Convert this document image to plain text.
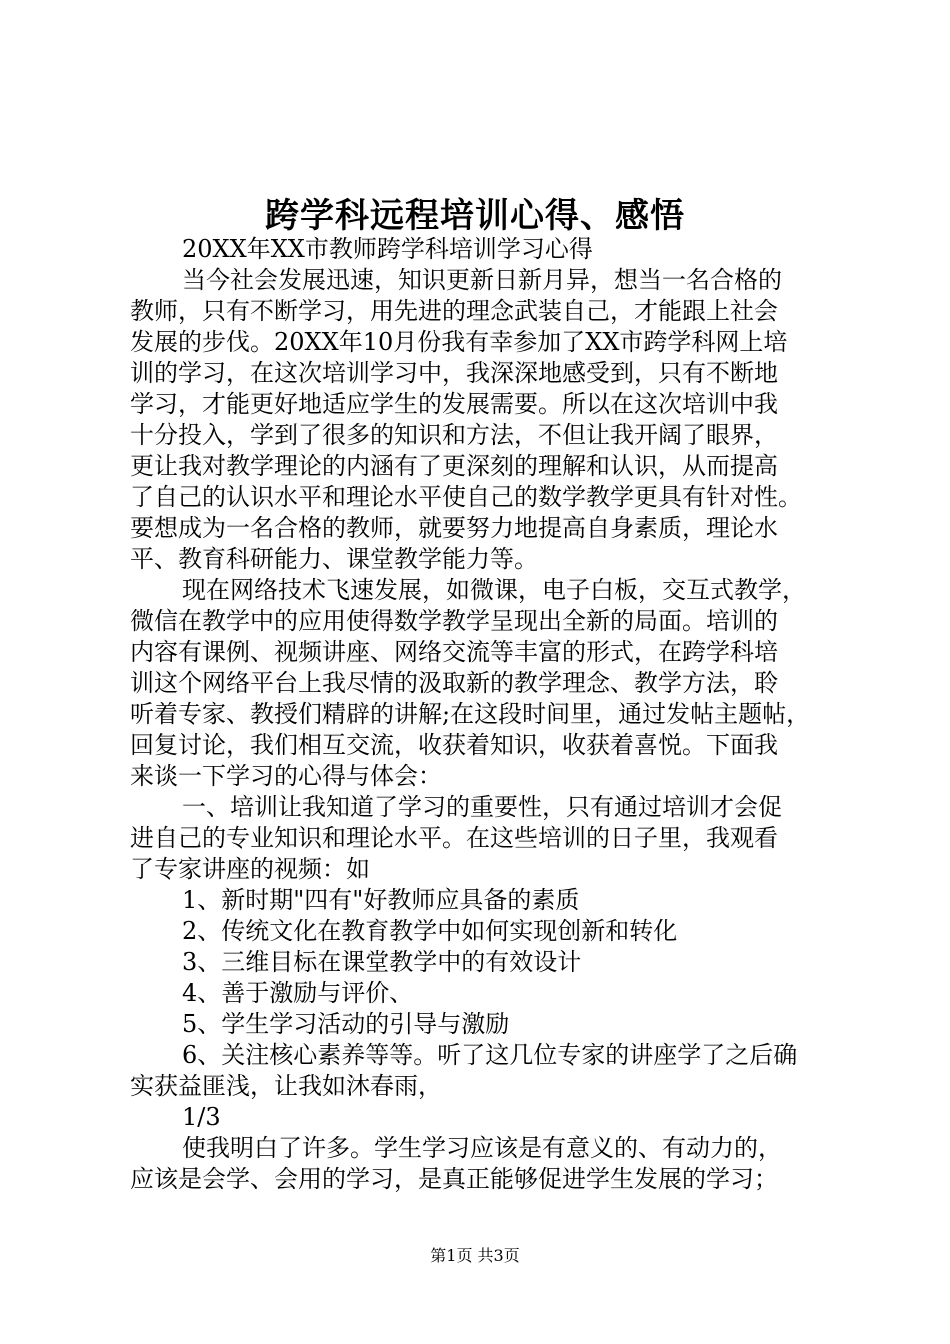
跨学科远程培训心得、感悟
20XX年XX市教师跨学科培训学习心得
当今社会发展迅速，知识更新日新月异，想当一名合格的
教师，只有不断学习，用先进的理念武装自己，才能跟上社会
发展的步伐。20XX年10月份我有幸参加了XX市跨学科网上培
训的学习，在这次培训学习中，我深深地感受到，只有不断地
学习，才能更好地适应学生的发展需要。所以在这次培训中我
十分投入，学到了很多的知识和方法，不但让我开阔了眼界，
更让我对教学理论的内涵有了更深刻的理解和认识，从而提高
了自己的认识水平和理论水平使自己的数学教学更具有针对性。
要想成为一名合格的教师，就要努力地提高自身素质，理论水
平、教育科研能力、课堂教学能力等。
现在网络技术飞速发展，如微课，电子白板，交互式教学，
微信在教学中的应用使得数学教学呈现出全新的局面。培训的
内容有课例、视频讲座、网络交流等丰富的形式，在跨学科培
训这个网络平台上我尽情的汲取新的教学理念、教学方法，聆
听着专家、教授们精辟的讲解;在这段时间里，通过发帖主题帖，
回复讨论，我们相互交流，收获着知识，收获着喜悦。下面我
来谈一下学习的心得与体会：
一、培训让我知道了学习的重要性，只有通过培训才会促
进自己的专业知识和理论水平。在这些培训的日子里，我观看
了专家讲座的视频：如
1、新时期"四有"好教师应具备的素质
2、传统文化在教育教学中如何实现创新和转化
3、三维目标在课堂教学中的有效设计
4、善于激励与评价、
5、学生学习活动的引导与激励
6、关注核心素养等等。听了这几位专家的讲座学了之后确
实获益匪浅，让我如沐春雨，
1/3
使我明白了许多。学生学习应该是有意义的、有动力的，
应该是会学、会用的学习，是真正能够促进学生发展的学习；
第1页 共3页
